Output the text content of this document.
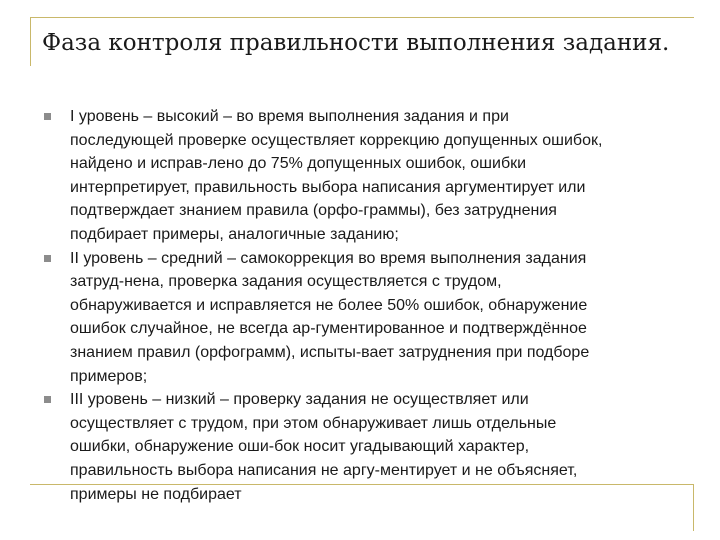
Фаза контроля правильности выполнения задания.
I уровень – высокий – во время выполнения задания и при
последующей проверке осуществляет коррекцию допущенных ошибок,
найдено и исправ-лено до 75% допущенных ошибок, ошибки
интерпретирует, правильность выбора написания аргументирует или
подтверждает знанием правила (орфо-граммы), без затруднения
подбирает примеры, аналогичные заданию;
II уровень – средний – самокоррекция во время выполнения задания
затруд-нена, проверка задания осуществляется с трудом,
обнаруживается и исправляется не более 50% ошибок, обнаружение
ошибок случайное, не всегда ар-гументированное и подтверждённое
знанием правил (орфограмм), испыты-вает затруднения при подборе
примеров;
III уровень – низкий – проверку задания не осуществляет или
осуществляет с трудом, при этом обнаруживает лишь отдельные
ошибки, обнаружение оши-бок носит угадывающий характер,
правильность выбора написания не аргу-ментирует и не объясняет,
примеры не подбирает
